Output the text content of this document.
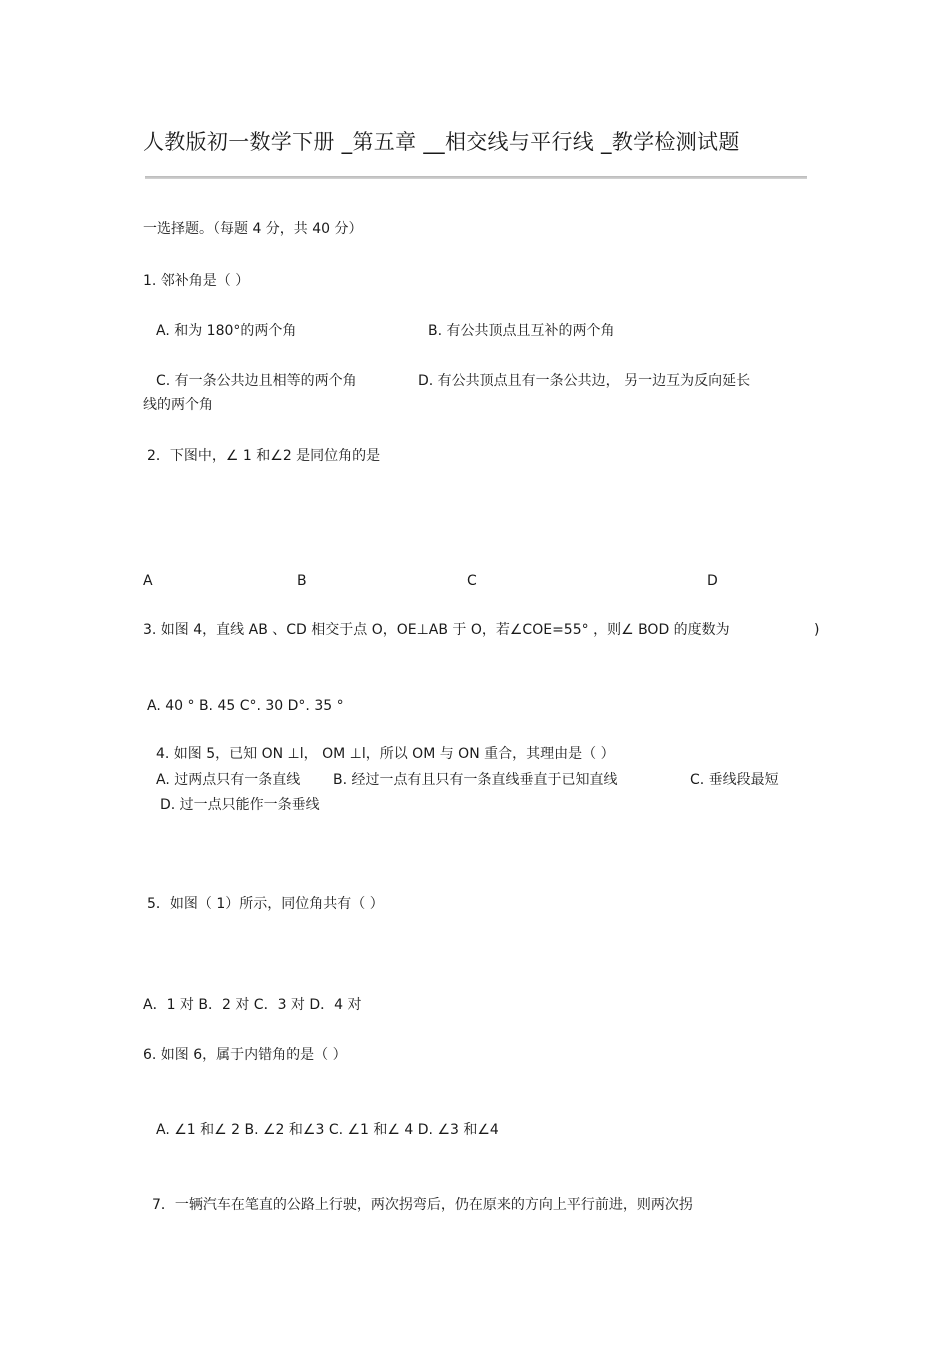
人教版初一数学下册 _第五章 __相交线与平行线 _教学检测试题
一选择题。（每题 4 分，共 40 分）
1. 邻补角是（ ）
A. 和为 180°的两个角	B. 有公共顶点且互补的两个角
C. 有一条公共边且相等的两个角	D. 有公共顶点且有一条公共边， 另一边互为反向延长
线的两个角
2．下图中，∠ 1 和∠2 是同位角的是
A	B	C	D
3. 如图 4，直线 AB 、CD 相交于点 O，OE⊥AB 于 O，若∠COE=55° ，则∠ BOD 的度数为	)
A. 40 ° B. 45 C°. 30 D°. 35 °
4. 如图 5，已知 ON ⊥l， OM ⊥l，所以 OM 与 ON 重合，其理由是（ ）
A. 过两点只有一条直线 B. 经过一点有且只有一条直线垂直于已知直线	C. 垂线段最短
D. 过一点只能作一条垂线
5．如图（ 1）所示，同位角共有（ ）
A．1 对 B．2 对 C．3 对 D．4 对
6. 如图 6，属于内错角的是（ ）
A. ∠1 和∠ 2 B. ∠2 和∠3 C. ∠1 和∠ 4 D. ∠3 和∠4
7．一辆汽车在笔直的公路上行驶，两次拐弯后，仍在原来的方向上平行前进，则两次拐
